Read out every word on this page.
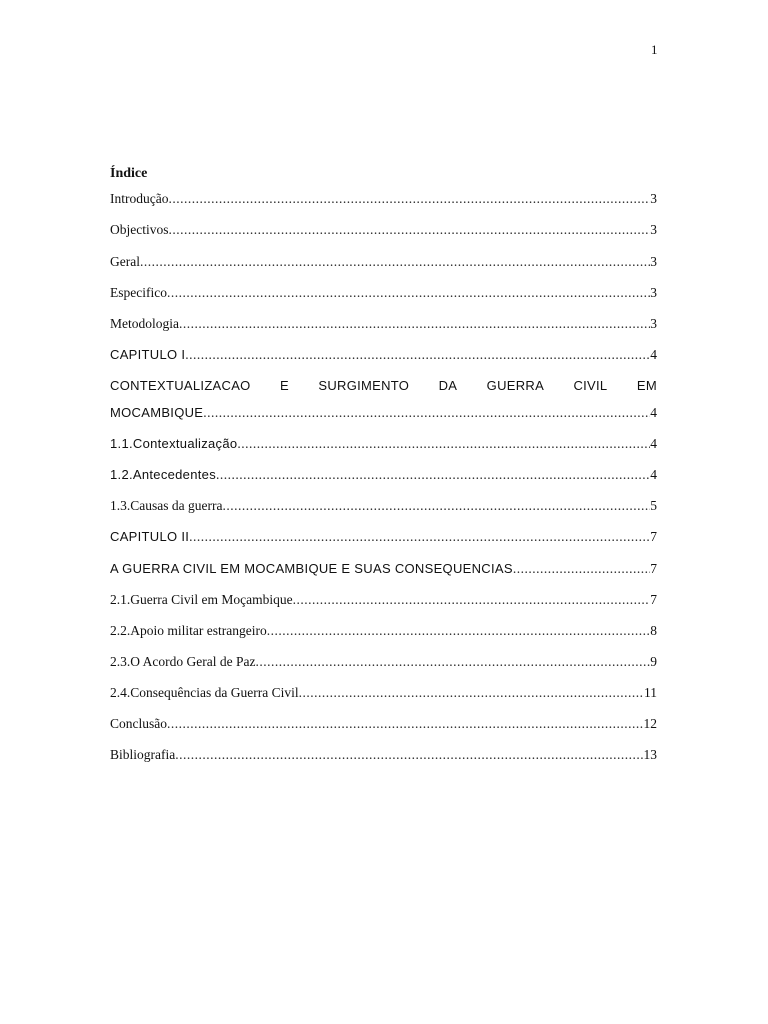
1
Índice
Introdução .....	3
Objectivos .....	3
Geral .....	3
Especifico .....	3
Metodologia .....	3
CAPITULO I .....	4
CONTEXTUALIZACAO E SURGIMENTO DA GUERRA CIVIL EM
MOCAMBIQUE .....	4
1.1.Contextualização .....	4
1.2.Antecedentes .....	4
1.3.Causas da guerra .....	5
CAPITULO II .....	7
A GUERRA CIVIL EM MOCAMBIQUE E SUAS CONSEQUENCIAS .....	7
2.1.Guerra Civil em Moçambique .....	7
2.2.Apoio militar estrangeiro .....	8
2.3.O Acordo Geral de Paz .....	9
2.4.Consequências da Guerra Civil .....	11
Conclusão .....	12
Bibliografia .....	13
